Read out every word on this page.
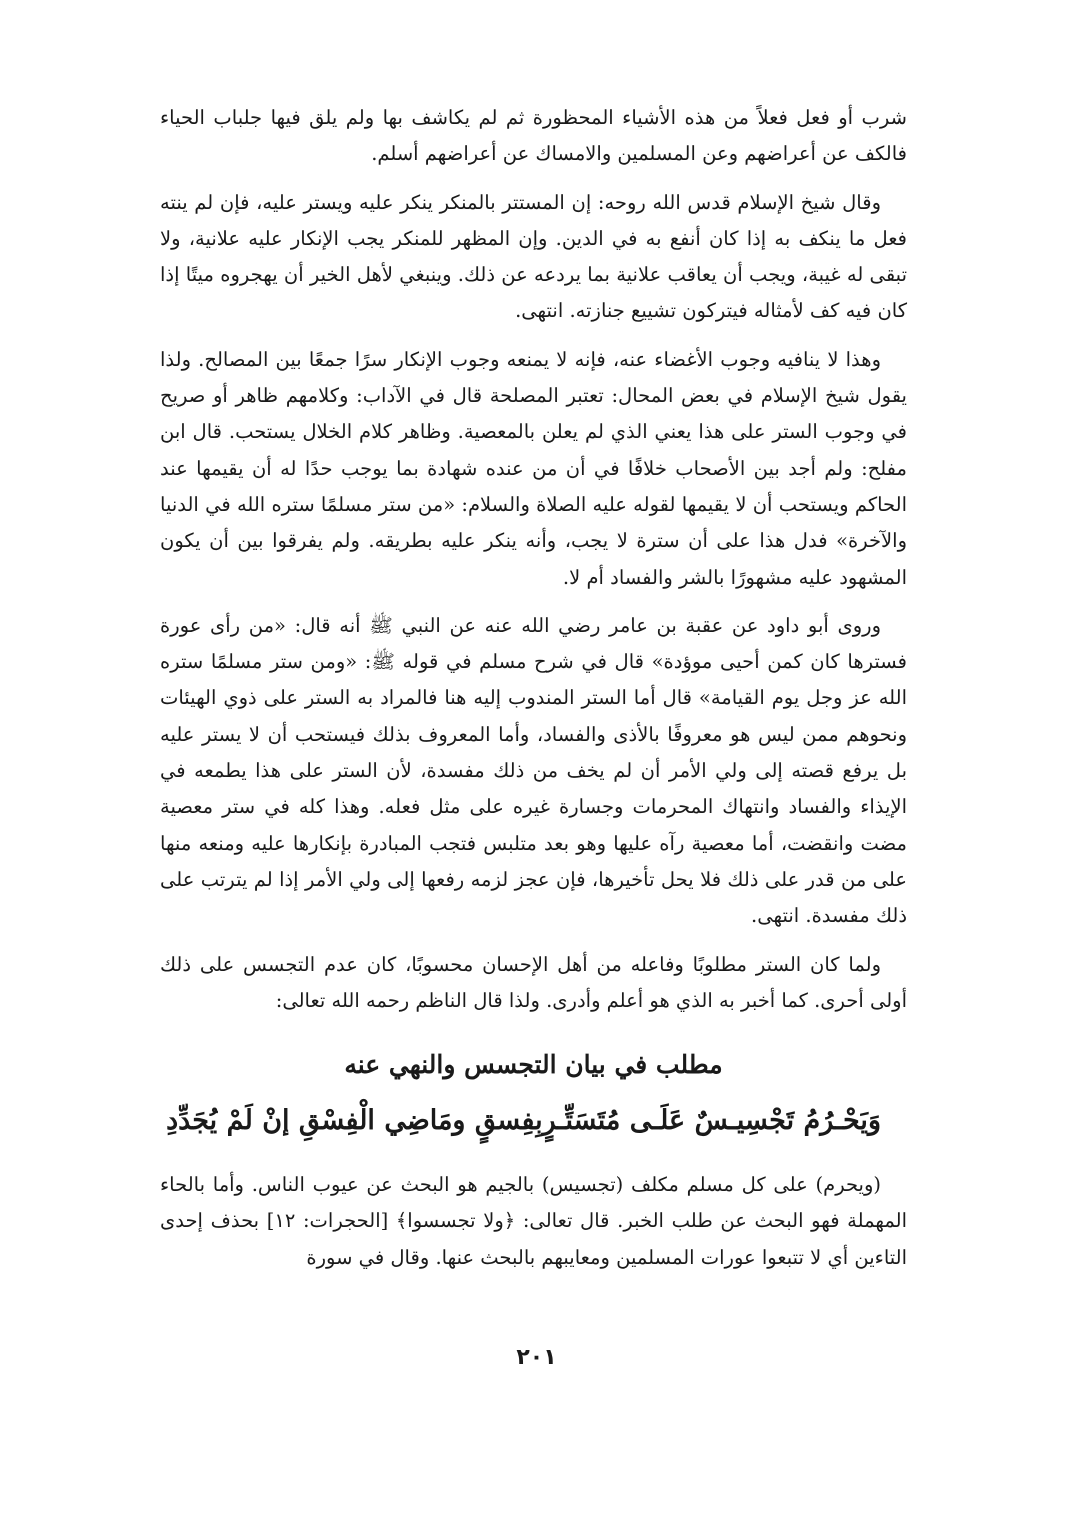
شرب أو فعل فعلاً من هذه الأشياء المحظورة ثم لم يكاشف بها ولم يلق فيها جلباب الحياء فالكف عن أعراضهم وعن المسلمين والامساك عن أعراضهم أسلم.

وقال شيخ الإسلام قدس الله روحه: إن المستتر بالمنكر ينكر عليه ويستر عليه، فإن لم ينته فعل ما ينكف به إذا كان أنفع به في الدين. وإن المظهر للمنكر يجب الإنكار عليه علانية، ولا تبقى له غيبة، ويجب أن يعاقب علانية بما يردعه عن ذلك. وينبغي لأهل الخير أن يهجروه ميتًا إذا كان فيه كف لأمثاله فيتركون تشييع جنازته. انتهى.

وهذا لا ينافيه وجوب الأغضاء عنه، فإنه لا يمنعه وجوب الإنكار سرًا جمعًا بين المصالح. ولذا يقول شيخ الإسلام في بعض المحال: تعتبر المصلحة قال في الآداب: وكلامهم ظاهر أو صريح في وجوب الستر على هذا يعني الذي لم يعلن بالمعصية. وظاهر كلام الخلال يستحب. قال ابن مفلح: ولم أجد بين الأصحاب خلافًا في أن من عنده شهادة بما يوجب حدًا له أن يقيمها عند الحاكم ويستحب أن لا يقيمها لقوله عليه الصلاة والسلام: «من ستر مسلمًا ستره الله في الدنيا والآخرة» فدل هذا على أن سترة لا يجب، وأنه ينكر عليه بطريقه. ولم يفرقوا بين أن يكون المشهود عليه مشهورًا بالشر والفساد أم لا.

وروى أبو داود عن عقبة بن عامر رضي الله عنه عن النبي ﷺ أنه قال: «من رأى عورة فسترها كان كمن أحيى موؤدة» قال في شرح مسلم في قوله ﷺ: «ومن ستر مسلمًا ستره الله عز وجل يوم القيامة» قال أما الستر المندوب إليه هنا فالمراد به الستر على ذوي الهيئات ونحوهم ممن ليس هو معروفًا بالأذى والفساد، وأما المعروف بذلك فيستحب أن لا يستر عليه بل يرفع قصته إلى ولي الأمر أن لم يخف من ذلك مفسدة، لأن الستر على هذا يطمعه في الإيذاء والفساد وانتهاك المحرمات وجسارة غيره على مثل فعله. وهذا كله في ستر معصية مضت وانقضت، أما معصية رآه عليها وهو بعد متلبس فتجب المبادرة بإنكارها عليه ومنعه منها على من قدر على ذلك فلا يحل تأخيرها، فإن عجز لزمه رفعها إلى ولي الأمر إذا لم يترتب على ذلك مفسدة. انتهى.

ولما كان الستر مطلوبًا وفاعله من أهل الإحسان محسوبًا، كان عدم التجسس على ذلك أولى أحرى. كما أخبر به الذي هو أعلم وأدرى. ولذا قال الناظم رحمه الله تعالى:

مطلب في بيان التجسس والنهي عنه
وَيَحْـرُمُ تَجْسِيـسٌ عَلَـى مُتَسَتِّـرٍ
بِفِسقٍ ومَاضِي الْفِسْقِ إنْ لَمْ يُجَدِّدِ

(ويحرم) على كل مسلم مكلف (تجسيس) بالجيم هو البحث عن عيوب الناس. وأما بالحاء المهملة فهو البحث عن طلب الخبر. قال تعالى: ﴿ولا تجسسوا﴾ [الحجرات: ١٢] بحذف إحدى التاءين أي لا تتبعوا عورات المسلمين ومعايبهم بالبحث عنها. وقال في سورة

٢٠١
